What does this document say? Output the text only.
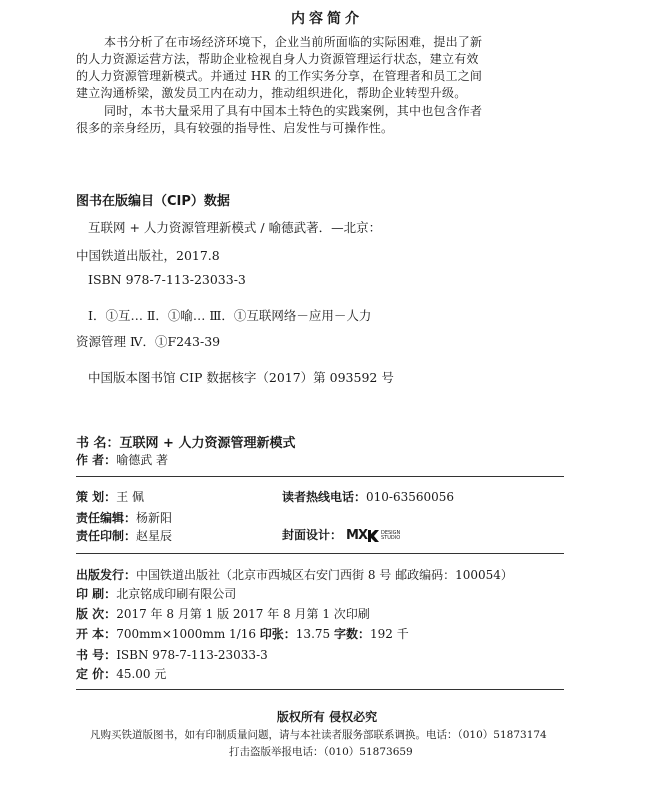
内容简介
本书分析了在市场经济环境下，企业当前所面临的实际困难，提出了新
的人力资源运营方法，帮助企业检视自身人力资源管理运行状态，建立有效
的人力资源管理新模式。并通过 HR 的工作实务分享，在管理者和员工之间
建立沟通桥梁，激发员工内在动力，推动组织进化，帮助企业转型升级。
同时，本书大量采用了具有中国本土特色的实践案例，其中也包含作者
很多的亲身经历，具有较强的指导性、启发性与可操作性。
图书在版编目（CIP）数据
互联网 + 人力资源管理新模式 / 喻德武著．—北京：
中国铁道出版社，2017.8
ISBN 978-7-113-23033-3
Ⅰ．①互… Ⅱ．①喻… Ⅲ．①互联网络－应用－人力
资源管理 Ⅳ．①F243-39
中国版本图书馆 CIP 数据核字（2017）第 093592 号
书 名：互联网 + 人力资源管理新模式
作 者：喻德武 著
策 划：王 佩	读者热线电话：010-63560056
责任编辑：杨新阳
责任印制：赵星辰	封面设计： MX	DESIGN
STUDIO
出版发行：中国铁道出版社（北京市西城区右安门西街 8 号 邮政编码：100054）
印 刷：北京铭成印刷有限公司
版 次：2017 年 8 月第 1 版 2017 年 8 月第 1 次印刷
开 本：700mm×1000mm 1/16 印张：13.75 字数：192 千
书 号：ISBN 978-7-113-23033-3
定 价：45.00 元
版权所有 侵权必究
凡购买铁道版图书，如有印制质量问题，请与本社读者服务部联系调换。电话：（010）51873174
打击盗版举报电话：（010）51873659
